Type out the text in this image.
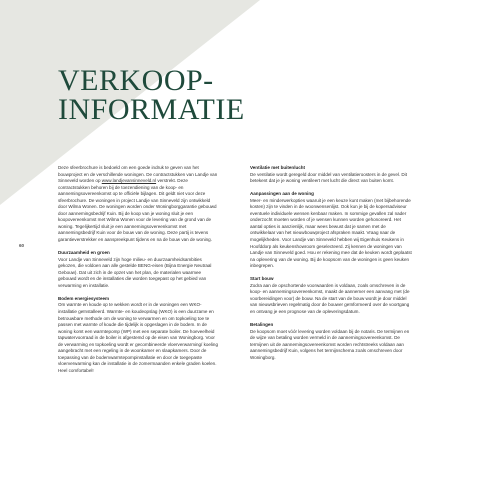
VERKOOP-
INFORMATIE
60

Deze sfeerbrochure is bedoeld om een goede indruk te geven van het bouwproject en de verschillende woningen. De contractstukken van Landje van Sinneveld worden op www.landjevansinneveld.nl verstrekt. Deze contractstukken behoren bij de toezendiening van de koop- en aannemingsovereenkomst op te officiële bijlagen. Dit geldt niet voor deze sfeerbrochure. De woningen in project Landje van Sinneveld zijn ontwikkeld door Wilma Wonen. De woningen worden onder Woningborggarantie gebouwd door aannemingsbedrijf Kuin. Bij de koop van je woning sluit je een koopovereenkomst met Wilma Wonen voor de levering van de grond van de woning. Tegelijkertijd sluit je een aannemingsovereenkomst met aannemingsbedrijf Kuin voor de bouw van de woning. Deze partij is tevens garantieverstrekker en aanspreekpunt tijdens en na de bouw van de woning.

Duurzaamheid en groen
Voor Landje van Sinneveld zijn hoge milieu- en duurzaamheidsambities gekozen, die voldoen aan alle gestelde BENG-eisen (Bijna Energie Neutraal Gebouw). Dat uit zich in de opzet van het plan, de materialen waarmee gebouwd wordt en de installaties die worden toegepast op het gebied van verwarming en installatie.
Bodem energiesysteem
Om warmte en koude op te wekken wordt er in de woningen een WKO-installatie geïnstalleerd. Warmte- en koudeopslag (WKO) is een duurzame en betrouwbare methode om de woning te verwarmen en om topkoeling toe te passen met warmte of koude die tijdelijk is opgeslagen in de bodem. In de woning komt een warmtepomp (WP) met een separate boiler. De hoeveelheid tapwatervoorraad in de boiler is afgestemd op de eisen van Woningborg. Voor de verwarming en topkoeling wordt er gecombineerde vloerverwarming/ koeling aangebracht met een regeling in de woonkamer en slaapkamers. Door de toepassing van de bodemwarmtepompinstallatie en door de toegepaste vloerverwarming kan de installatie in de zomermaanden enkele graden koelen. Heel comfortabel!
Ventilatie met buitenlucht
De ventilatie wordt geregeld door middel van ventilatieroosters in de gevel. Dit betekent dat je je woning ventileert met lucht die direct van buiten komt.
Aanpassingen aan de woning
Meer- en minderwerkopties waaruit je een keuze kunt maken (met bijbehorende kosten) zijn te vinden in de woonwensenlijst. Ook kun je bij de kopersadviseur eventuele individuele wensen kenbaar maken. In sommige gevallen zal nader onderzocht moeten worden of je wensen kunnen worden gehonoreerd. Het aantal opties is aanzienlijk, maar wees bewust dat je samen met de ontwikkelaar van het nieuwbouwproject afspraken maakt. Vraag naar de mogelijkheden. Voor Landje van Sinneveld hebben wij Eigenhuis Keukens in Hoofddorp als keukenshowroom geselecteerd. Zij kennen de woningen van Landje van Sinneveld goed. Hou er rekening mee dat de keuken wordt geplaatst na oplevering van de woning. Bij de koopsom van de woningen is geen keuken inbegrepen.
Start bouw
Zodra aan de opschortende voorwaarden is voldaan, zoals omschreven in de koop- en aannemingsovereenkomst, maakt de aannemer een aanvang met (de voorbereidingen voor) de bouw. Na de start van de bouw wordt je door middel van nieuwsbrieven regelmatig door de bouwer geïnformeerd over de voortgang en ontvang je een prognose van de opleveringsdatum.
Betalingen
De koopsom moet vóór levering worden voldaan bij de notaris. De termijnen en de wijze van betaling worden vermeld in de aannemingsovereenkomst. De termijnen uit de aannemingsovereenkomst worden rechtstreeks voldaan aan aannemingsbedrijf Kuin, volgens het termijnschema zoals omschreven door Woningborg.
